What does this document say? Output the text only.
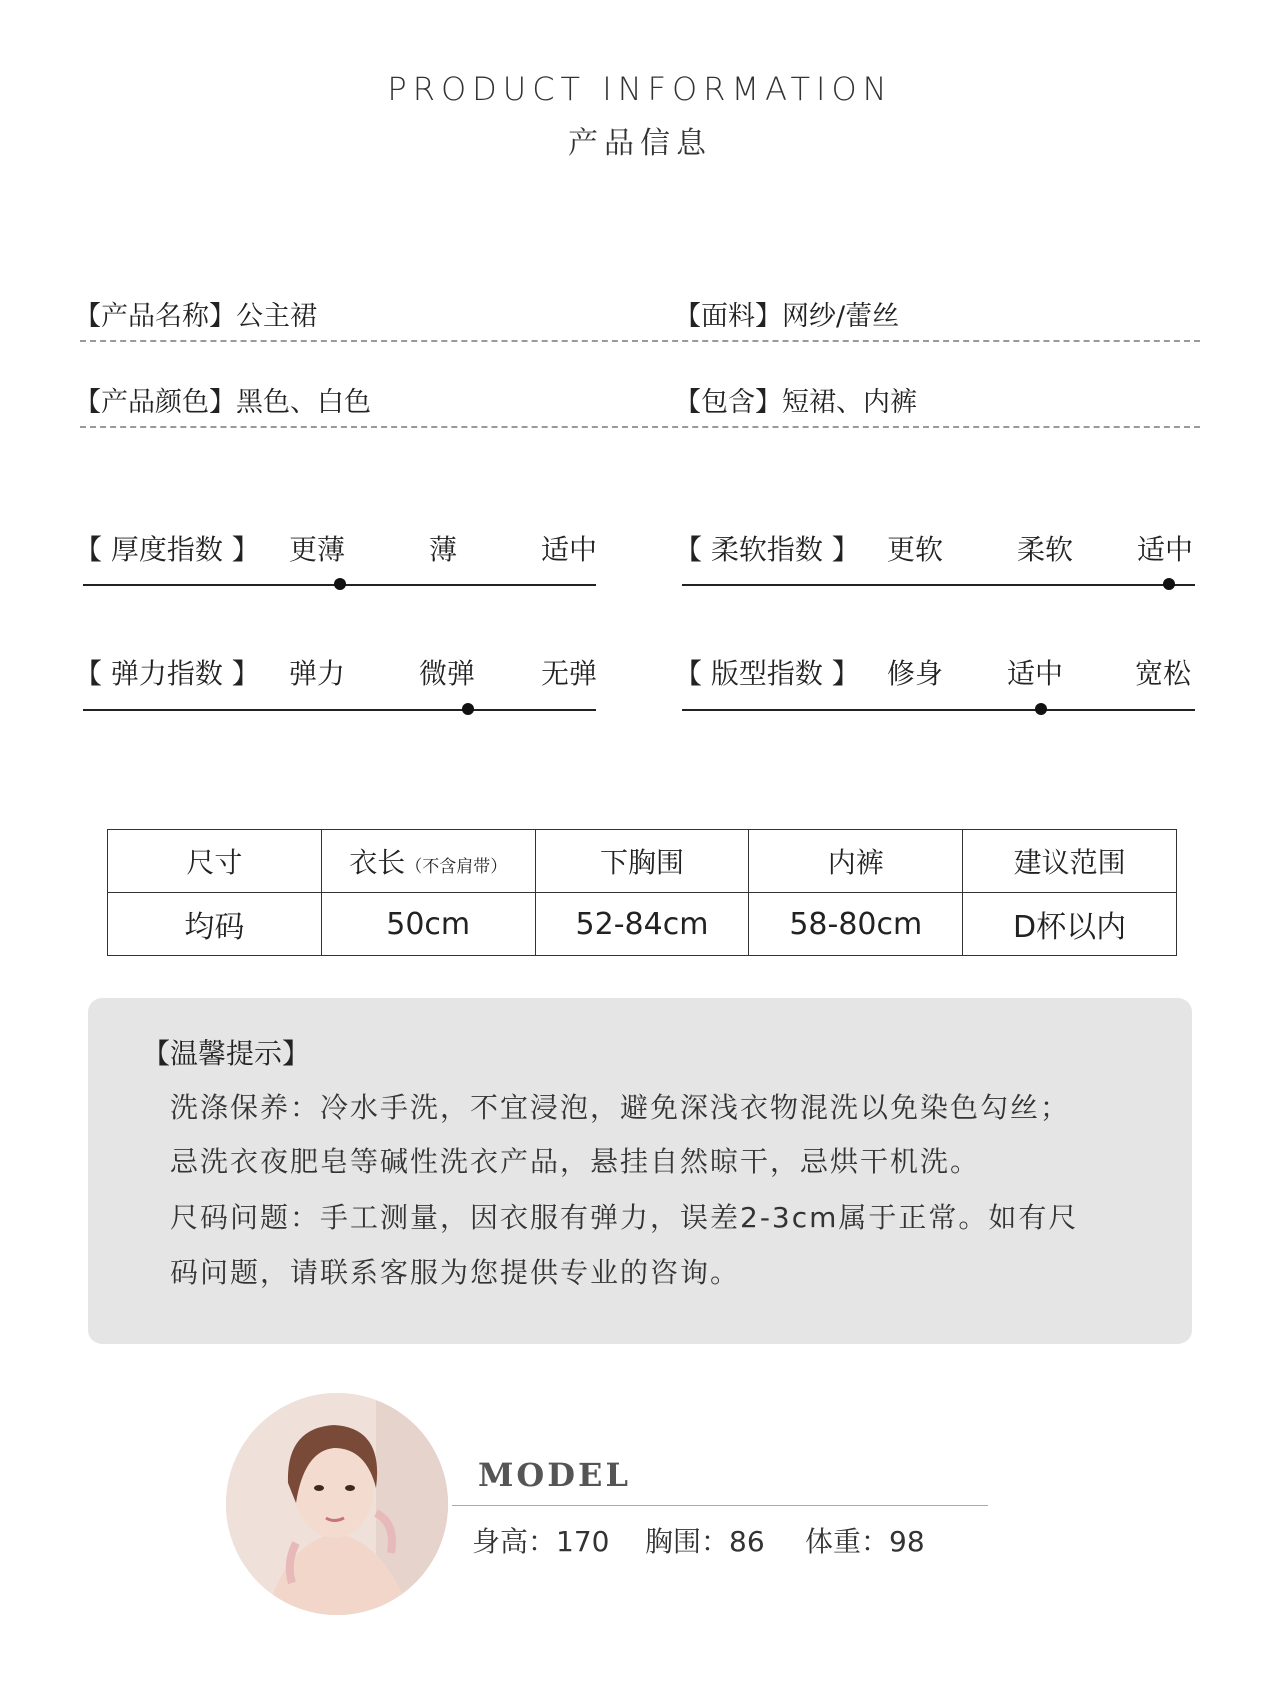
PRODUCT INFORMATION
产品信息
【产品名称】公主裙	【面料】网纱/蕾丝
【产品颜色】黑色、白色	【包含】短裙、内裤
【 厚度指数 】	更薄	薄	适中	【 柔软指数 】 更软	柔软	适中
【 弹力指数 】	弹力	微弹	无弹	【 版型指数 】 修身	适中	宽松
尺寸	衣长（不含肩带）	下胸围	内裤	建议范围
均码	50cm	52-84cm	58-80cm	D杯以内
【温馨提示】
洗涤保养：冷水手洗，不宜浸泡，避免深浅衣物混洗以免染色勾丝；
忌洗衣夜肥皂等碱性洗衣产品，悬挂自然晾干，忌烘干机洗。
尺码问题：手工测量，因衣服有弹力，误差2-3cm属于正常。如有尺
码问题，请联系客服为您提供专业的咨询。
MODEL
身高：170 胸围：86 体重：98
